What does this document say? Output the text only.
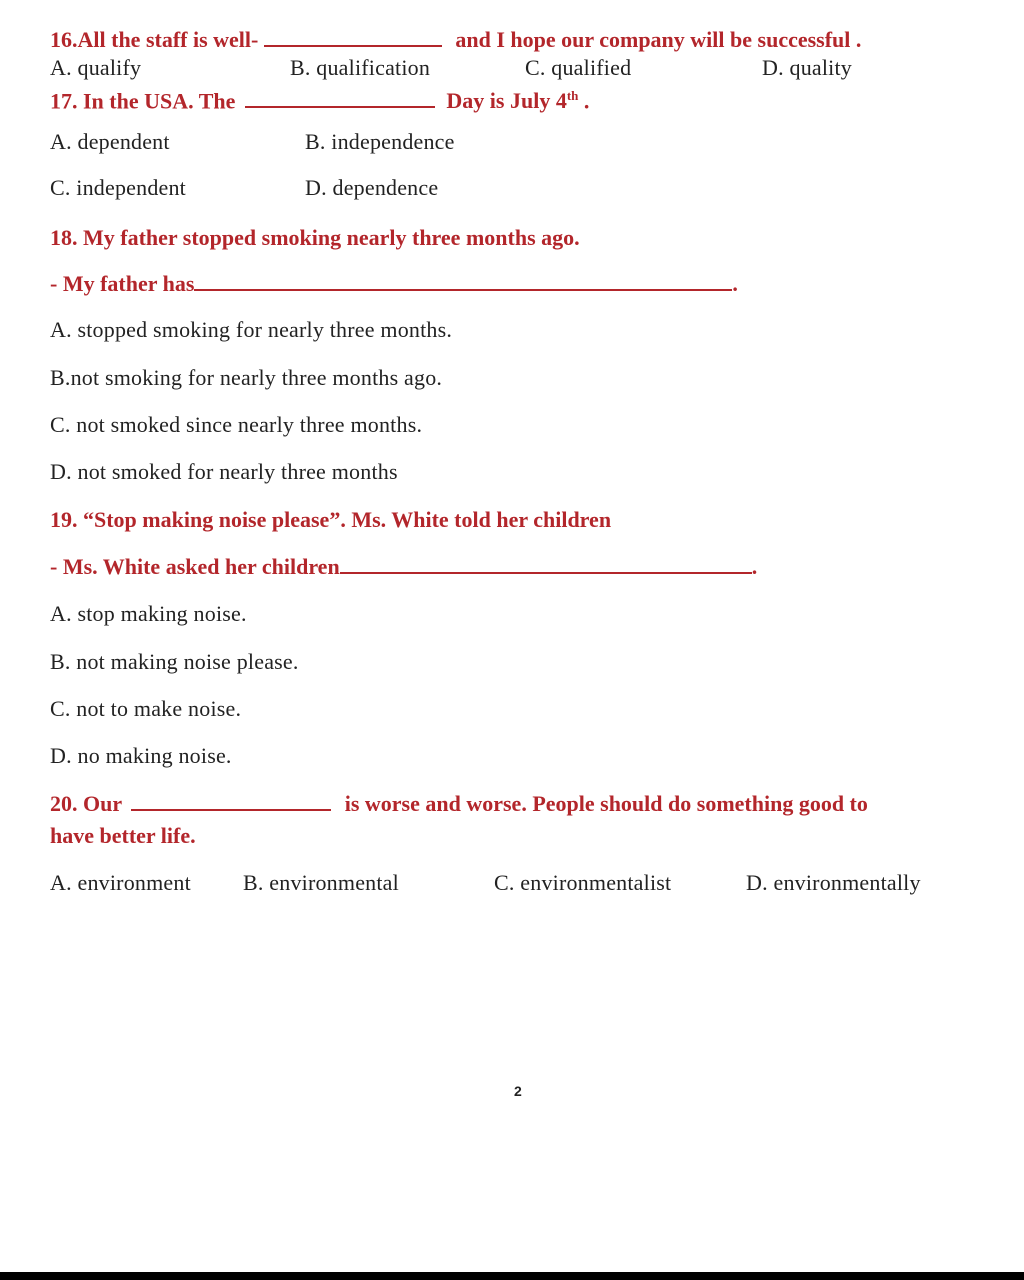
16.All the staff is well-	and I hope our company will be successful .
A. qualify	B. qualification	C. qualified	D. quality
17. In the USA. The	Day is July 4th .
A. dependent	B. independence
C. independent	D. dependence
18. My father stopped smoking nearly three months ago.
- My father has	.
A. stopped smoking for nearly three months.
B.not smoking for nearly three months ago.
C. not smoked since nearly three months.
D. not smoked for nearly three months
19. “Stop making noise please”. Ms. White told her children
- Ms. White asked her children	.
A. stop making noise.
B. not making noise please.
C. not to make noise.
D. no making noise.
20. Our	is worse and worse. People should do something good to
have better life.
A. environment B. environmental	C. environmentalist	D. environmentally
2
